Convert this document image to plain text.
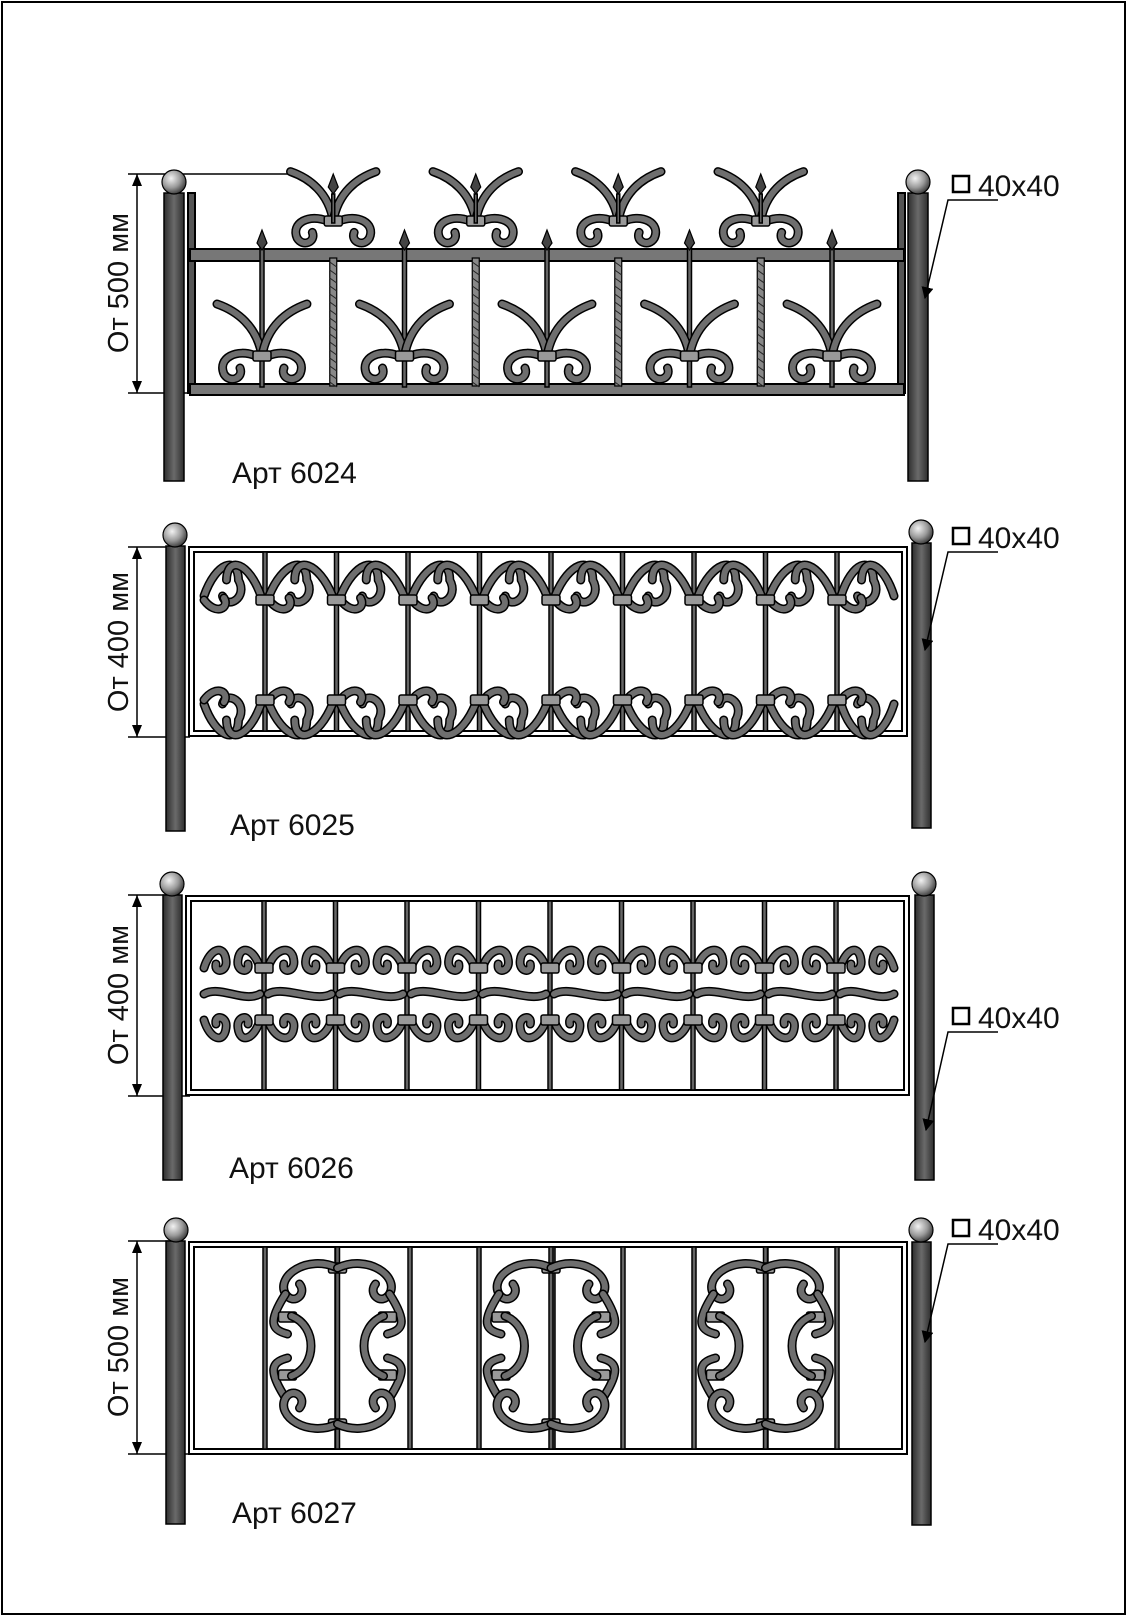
От 500 мм
40x40
Арт 6024
От 400 мм
40x40
Арт 6025
От 400 мм	40x40
Арт 6026
От 500 мм
40x40
Арт 6027
